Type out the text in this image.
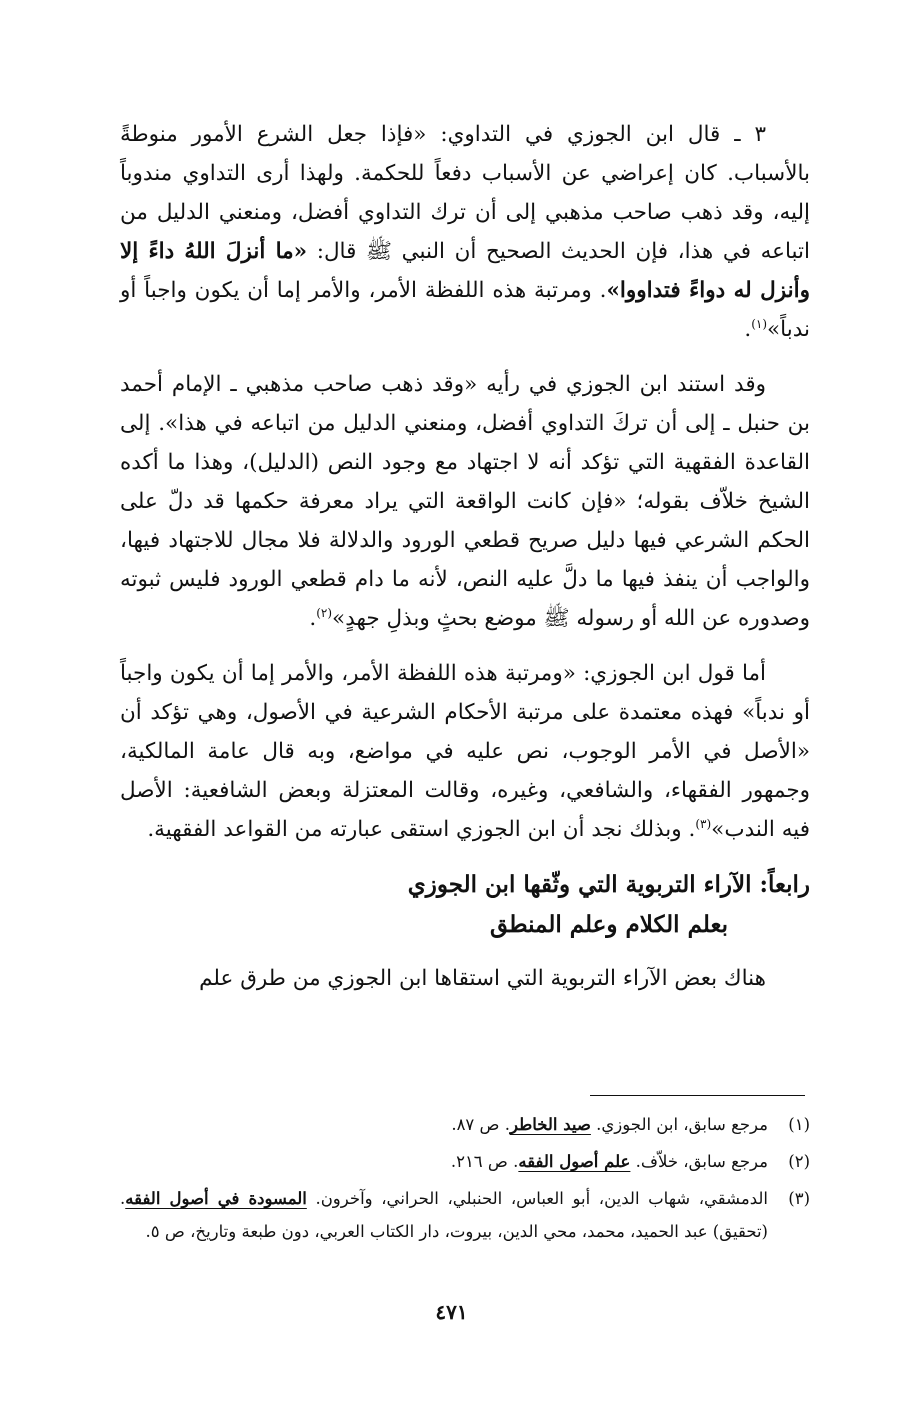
٣ ـ قال ابن الجوزي في التداوي: «فإذا جعل الشرع الأمور منوطةً بالأسباب. كان إعراضي عن الأسباب دفعاً للحكمة. ولهذا أرى التداوي مندوباً إليه، وقد ذهب صاحب مذهبي إلى أن ترك التداوي أفضل، ومنعني الدليل من اتباعه في هذا، فإن الحديث الصحيح أن النبي ﷺ قال: «ما أنزلَ اللهُ داءً إلا وأنزل له دواءً فتداووا». ومرتبة هذه اللفظة الأمر، والأمر إما أن يكون واجباً أو ندباً»$^{(١)}$.

وقد استند ابن الجوزي في رأيه «وقد ذهب صاحب مذهبي ـ الإمام أحمد بن حنبل ـ إلى أن تركَ التداوي أفضل، ومنعني الدليل من اتباعه في هذا». إلى القاعدة الفقهية التي تؤكد أنه لا اجتهاد مع وجود النص (الدليل)، وهذا ما أكده الشيخ خلاّف بقوله؛ «فإن كانت الواقعة التي يراد معرفة حكمها قد دلّ على الحكم الشرعي فيها دليل صريح قطعي الورود والدلالة فلا مجال للاجتهاد فيها، والواجب أن ينفذ فيها ما دلَّ عليه النص، لأنه ما دام قطعي الورود فليس ثبوته وصدوره عن الله أو رسوله ﷺ موضع بحثٍ وبذلِ جهدٍ»$^{(٢)}$.

أما قول ابن الجوزي: «ومرتبة هذه اللفظة الأمر، والأمر إما أن يكون واجباً أو ندباً» فهذه معتمدة على مرتبة الأحكام الشرعية في الأصول، وهي تؤكد أن «الأصل في الأمر الوجوب، نص عليه في مواضع، وبه قال عامة المالكية، وجمهور الفقهاء، والشافعي، وغيره، وقالت المعتزلة وبعض الشافعية: الأصل فيه الندب»$^{(٣)}$. وبذلك نجد أن ابن الجوزي استقى عبارته من القواعد الفقهية.

رابعاً: الآراء التربوية التي وثّقها ابن الجوزي
بعلم الكلام وعلم المنطق

هناك بعض الآراء التربوية التي استقاها ابن الجوزي من طرق علم

(١)
مرجع سابق، ابن الجوزي. صيد الخاطر. ص ٨٧.
(٢)
مرجع سابق، خلاّف. علم أصول الفقه. ص ٢١٦.
(٣)
الدمشقي، شهاب الدين، أبو العباس، الحنبلي، الحراني، وآخرون. المسودة في أصول الفقه. (تحقيق) عبد الحميد، محمد، محي الدين، بيروت، دار الكتاب العربي، دون طبعة وتاريخ، ص ٥.
٤٧١
